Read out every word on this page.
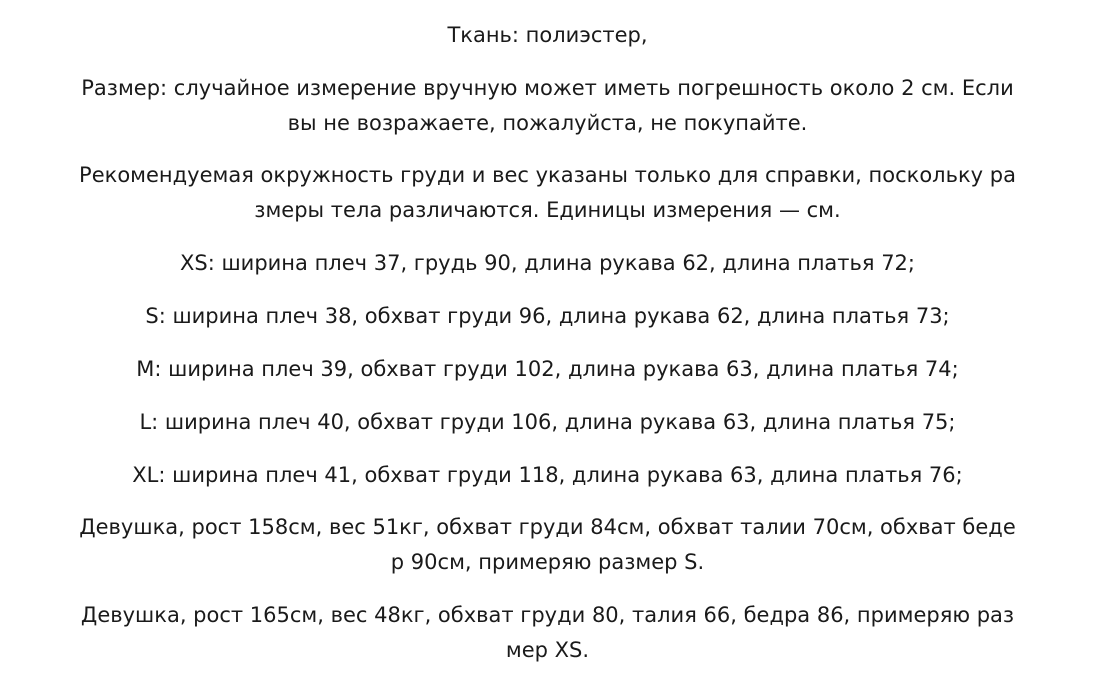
Ткань: полиэстер,
Размер: случайное измерение вручную может иметь погрешность около 2 см. Если вы не возражаете, пожалуйста, не покупайте.
Рекомендуемая окружность груди и вес указаны только для справки, поскольку размеры тела различаются. Единицы измерения — см.
XS: ширина плеч 37, грудь 90, длина рукава 62, длина платья 72;
S: ширина плеч 38, обхват груди 96, длина рукава 62, длина платья 73;
M: ширина плеч 39, обхват груди 102, длина рукава 63, длина платья 74;
L: ширина плеч 40, обхват груди 106, длина рукава 63, длина платья 75;
XL: ширина плеч 41, обхват груди 118, длина рукава 63, длина платья 76;
Девушка, рост 158см, вес 51кг, обхват груди 84см, обхват талии 70см, обхват бедер 90см, примеряю размер S.
Девушка, рост 165см, вес 48кг, обхват груди 80, талия 66, бедра 86, примеряю размер XS.
